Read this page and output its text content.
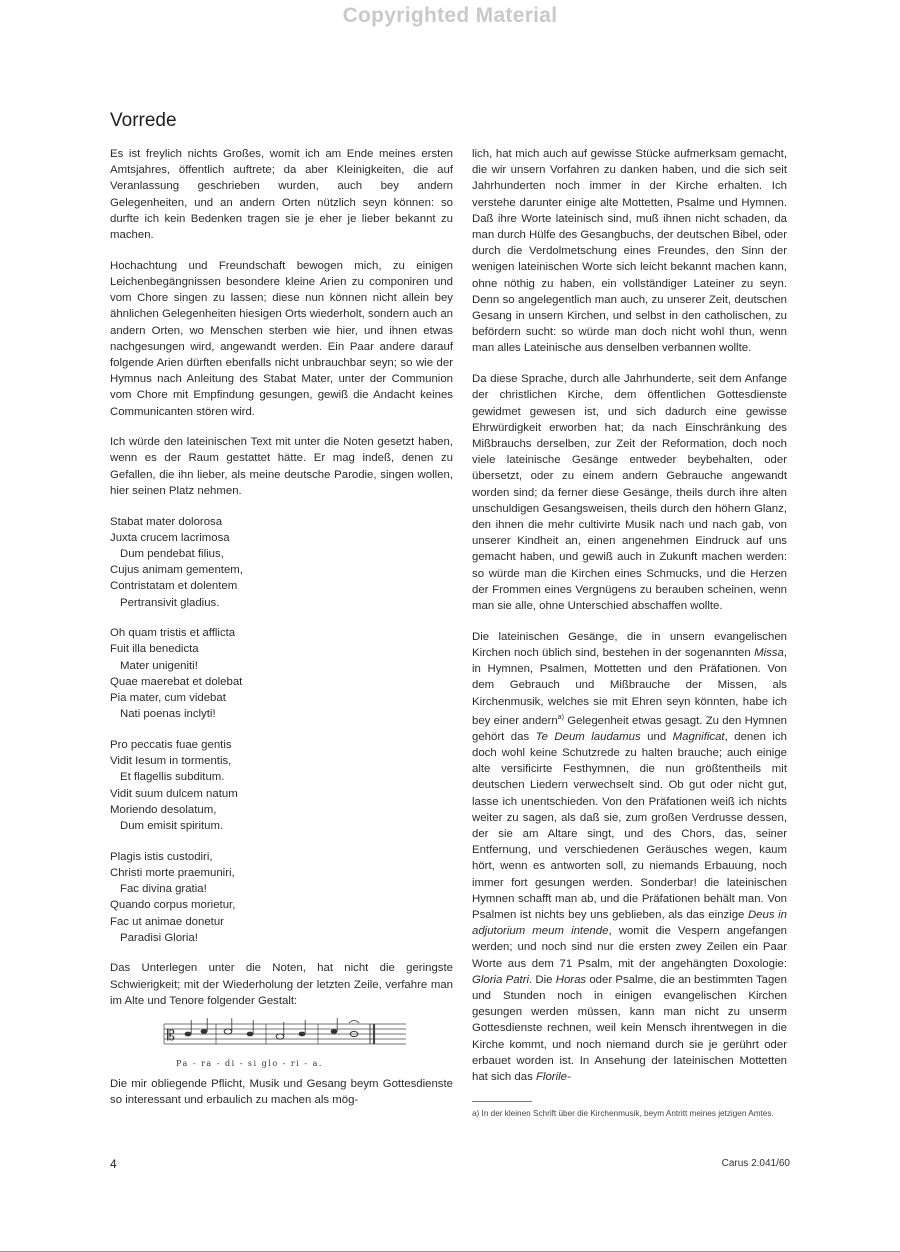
Copyrighted Material
Vorrede

Es ist freylich nichts Großes, womit ich am Ende meines ersten Amtsjahres, öffentlich auftrete; da aber Kleinigkeiten, die auf Veranlassung geschrieben wurden, auch bey andern Gelegenheiten, und an andern Orten nützlich seyn können: so durfte ich kein Bedenken tragen sie je eher je lieber bekannt zu machen.

Hochachtung und Freundschaft bewogen mich, zu einigen Leichenbegängnissen besondere kleine Arien zu componiren und vom Chore singen zu lassen; diese nun können nicht allein bey ähnlichen Gelegenheiten hiesigen Orts wiederholt, sondern auch an andern Orten, wo Menschen sterben wie hier, und ihnen etwas nachgesungen wird, angewandt werden. Ein Paar andere darauf folgende Arien dürften ebenfalls nicht unbrauchbar seyn; so wie der Hymnus nach Anleitung des Stabat Mater, unter der Communion vom Chore mit Empfindung gesungen, gewiß die Andacht keines Communicanten stören wird.

Ich würde den lateinischen Text mit unter die Noten gesetzt haben, wenn es der Raum gestattet hätte. Er mag indeß, denen zu Gefallen, die ihn lieber, als meine deutsche Parodie, singen wollen, hier seinen Platz nehmen.

Stabat mater dolorosa
Juxta crucem lacrimosa
Dum pendebat filius,
Cujus animam gementem,
Contristatam et dolentem
Pertransivit gladius.
Oh quam tristis et afflicta
Fuit illa benedicta
Mater unigeniti!
Quae maerebat et dolebat
Pia mater, cum videbat
Nati poenas inclyti!
Pro peccatis fuae gentis
Vidit Iesum in tormentis,
Et flagellis subditum.
Vidit suum dulcem natum
Moriendo desolatum,
Dum emisit spiritum.
Plagis istis custodiri,
Christi morte praemuniri,
Fac divina gratia!
Quando corpus morietur,
Fac ut animae donetur
Paradisi Gloria!

Das Unterlegen unter die Noten, hat nicht die geringste Schwierigkeit; mit der Wiederholung der letzten Zeile, verfahre man im Alte und Tenore folgender Gestalt:

𝄡
Pa - ra - di - si glo - ri - a.

Die mir obliegende Pflicht, Musik und Gesang beym Gottesdienste so interessant und erbaulich zu machen als mög-

lich, hat mich auch auf gewisse Stücke aufmerksam gemacht, die wir unsern Vorfahren zu danken haben, und die sich seit Jahrhunderten noch immer in der Kirche erhalten. Ich verstehe darunter einige alte Mottetten, Psalme und Hymnen. Daß ihre Worte lateinisch sind, muß ihnen nicht schaden, da man durch Hülfe des Gesangbuchs, der deutschen Bibel, oder durch die Verdolmetschung eines Freundes, den Sinn der wenigen lateinischen Worte sich leicht bekannt machen kann, ohne nöthig zu haben, ein vollständiger Lateiner zu seyn. Denn so angelegentlich man auch, zu unserer Zeit, deutschen Gesang in unsern Kirchen, und selbst in den catholischen, zu befördern sucht: so würde man doch nicht wohl thun, wenn man alles Lateinische aus denselben verbannen wollte.

Da diese Sprache, durch alle Jahrhunderte, seit dem Anfange der christlichen Kirche, dem öffentlichen Gottesdienste gewidmet gewesen ist, und sich dadurch eine gewisse Ehrwürdigkeit erworben hat; da nach Einschränkung des Mißbrauchs derselben, zur Zeit der Reformation, doch noch viele lateinische Gesänge entweder beybehalten, oder übersetzt, oder zu einem andern Gebrauche angewandt worden sind; da ferner diese Gesänge, theils durch ihre alten unschuldigen Gesangsweisen, theils durch den höhern Glanz, den ihnen die mehr cultivirte Musik nach und nach gab, von unserer Kindheit an, einen angenehmen Eindruck auf uns gemacht haben, und gewiß auch in Zukunft machen werden: so würde man die Kirchen eines Schmucks, und die Herzen der Frommen eines Vergnügens zu berauben scheinen, wenn man sie alle, ohne Unterschied abschaffen wollte.

Die lateinischen Gesänge, die in unsern evangelischen Kirchen noch üblich sind, bestehen in der sogenannten Missa, in Hymnen, Psalmen, Mottetten und den Präfationen. Von dem Gebrauch und Mißbrauche der Missen, als Kirchenmusik, welches sie mit Ehren seyn könnten, habe ich bey einer andern$^{a)}$ Gelegenheit etwas gesagt. Zu den Hymnen gehört das Te Deum laudamus und Magnificat, denen ich doch wohl keine Schutzrede zu halten brauche; auch einige alte versificirte Festhymnen, die nun größtentheils mit deutschen Liedern verwechselt sind. Ob gut oder nicht gut, lasse ich unentschieden. Von den Präfationen weiß ich nichts weiter zu sagen, als daß sie, zum großen Verdrusse dessen, der sie am Altare singt, und des Chors, das, seiner Entfernung, und verschiedenen Geräusches wegen, kaum hört, wenn es antworten soll, zu niemands Erbauung, noch immer fort gesungen werden. Sonderbar! die lateinischen Hymnen schafft man ab, und die Präfationen behält man. Von Psalmen ist nichts bey uns geblieben, als das einzige Deus in adjutorium meum intende, womit die Vespern angefangen werden; und noch sind nur die ersten zwey Zeilen ein Paar Worte aus dem 71 Psalm, mit der angehängten Doxologie: Gloria Patri. Die Horas oder Psalme, die an bestimmten Tagen und Stunden noch in einigen evangelischen Kirchen gesungen werden müssen, kann man nicht zu unserm Gottesdienste rechnen, weil kein Mensch ihrentwegen in die Kirche kommt, und noch niemand durch sie je gerührt oder erbauet worden ist. In Ansehung der lateinischen Mottetten hat sich das Florile-

a) In der kleinen Schrift über die Kirchenmusik, beym Antritt meines jetzigen Amtes.
4	Carus 2.041/60
